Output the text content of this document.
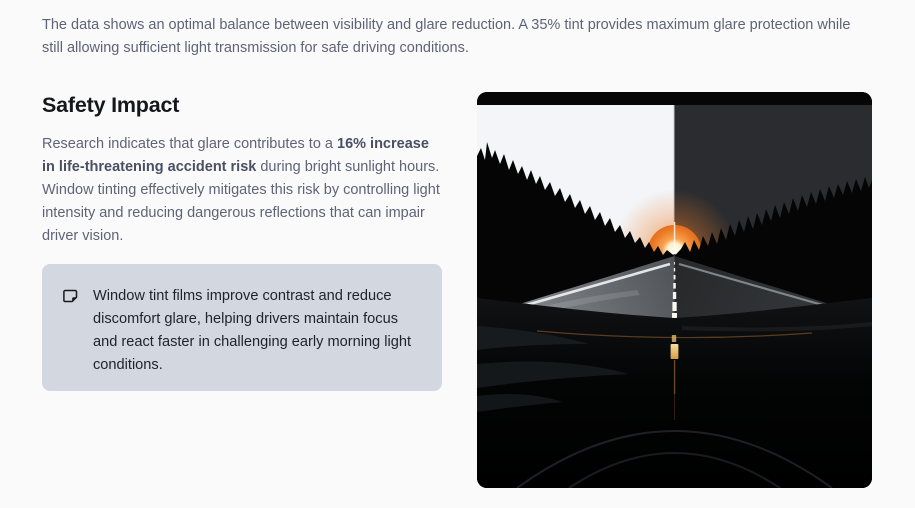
The data shows an optimal balance between visibility and glare reduction. A 35% tint provides maximum glare protection while still allowing sufficient light transmission for safe driving conditions.

Safety Impact

Research indicates that glare contributes to a 16% increase in life-threatening accident risk during bright sunlight hours. Window tinting effectively mitigates this risk by controlling light intensity and reducing dangerous reflections that can impair driver vision.

Window tint films improve contrast and reduce discomfort glare, helping drivers maintain focus and react faster in challenging early morning light conditions.
